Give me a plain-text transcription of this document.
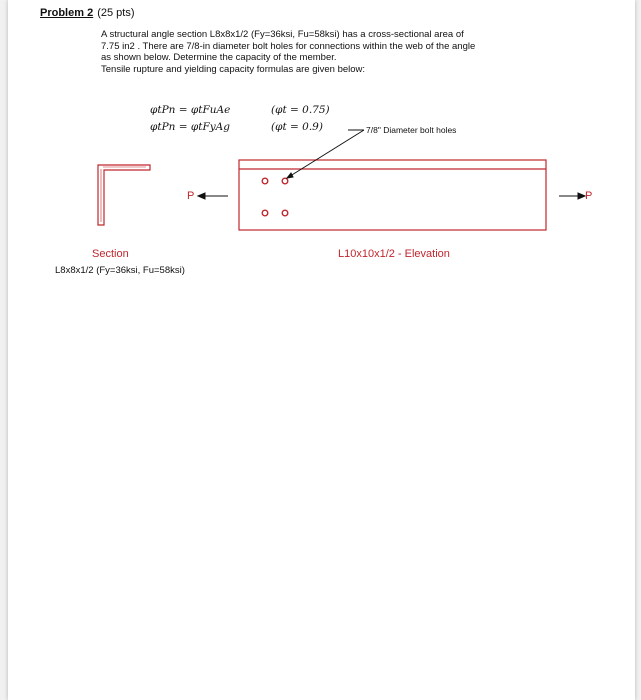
Problem 2 (25 pts)

A structural angle section L8x8x1/2 (Fy=36ksi, Fu=58ksi) has a cross-sectional area of

7.75 in2 . There are 7/8-in diameter bolt holes for connections within the web of the angle

as shown below. Determine the capacity of the member.

Tensile rupture and yielding capacity formulas are given below:

φtPn = φtFuAe	(φt = 0.75)
φtPn = φtFyAg	(φt = 0.9)	7/8" Diameter bolt holes
P	P
Section
L8x8x1/2 (Fy=36ksi, Fu=58ksi)
L10x10x1/2 - Elevation
